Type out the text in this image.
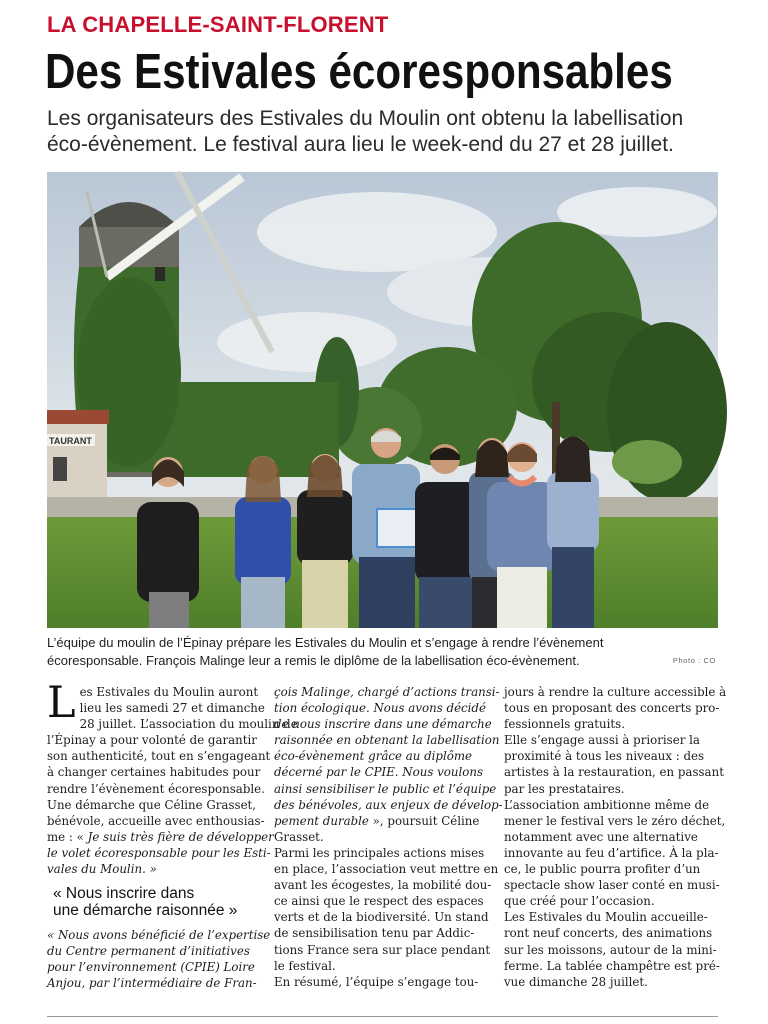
LA CHAPELLE-SAINT-FLORENT
Des Estivales écoresponsables
Les organisateurs des Estivales du Moulin ont obtenu la labellisation
éco-évènement. Le festival aura lieu le week-end du 27 et 28 juillet.
TAURANT
L’équipe du moulin de l’Épinay prépare les Estivales du Moulin et s’engage à rendre l’évènement
écoresponsable. François Malinge leur a remis le diplôme de la labellisation éco-évènement.	Photo : CO
L es Estivales du Moulin auront
lieu les samedi 27 et dimanche
28 juillet. L’association du moulin de
l’Épinay a pour volonté de garantir
son authenticité, tout en s’engageant
à changer certaines habitudes pour
rendre l’évènement écoresponsable.
Une démarche que Céline Grasset,
bénévole, accueille avec enthousias-
me : « Je suis très fière de développer
le volet écoresponsable pour les Esti-
vales du Moulin. »
« Nous inscrire dans
une démarche raisonnée »
« Nous avons bénéficié de l’expertise
du Centre permanent d’initiatives
pour l’environnement (CPIE) Loire
Anjou, par l’intermédiaire de Fran-
çois Malinge, chargé d’actions transi-
tion écologique. Nous avons décidé
de nous inscrire dans une démarche
raisonnée en obtenant la labellisation
éco-évènement grâce au diplôme
décerné par le CPIE. Nous voulons
ainsi sensibiliser le public et l’équipe
des bénévoles, aux enjeux de dévelop-
pement durable », poursuit Céline
Grasset.
Parmi les principales actions mises
en place, l’association veut mettre en
avant les écogestes, la mobilité dou-
ce ainsi que le respect des espaces
verts et de la biodiversité. Un stand
de sensibilisation tenu par Addic-
tions France sera sur place pendant
le festival.
En résumé, l’équipe s’engage tou-
jours à rendre la culture accessible à
tous en proposant des concerts pro-
fessionnels gratuits.
Elle s’engage aussi à prioriser la
proximité à tous les niveaux : des
artistes à la restauration, en passant
par les prestataires.
L’association ambitionne même de
mener le festival vers le zéro déchet,
notamment avec une alternative
innovante au feu d’artifice. À la pla-
ce, le public pourra profiter d’un
spectacle show laser conté en musi-
que créé pour l’occasion.
Les Estivales du Moulin accueille-
ront neuf concerts, des animations
sur les moissons, autour de la mini-
ferme. La tablée champêtre est pré-
vue dimanche 28 juillet.
